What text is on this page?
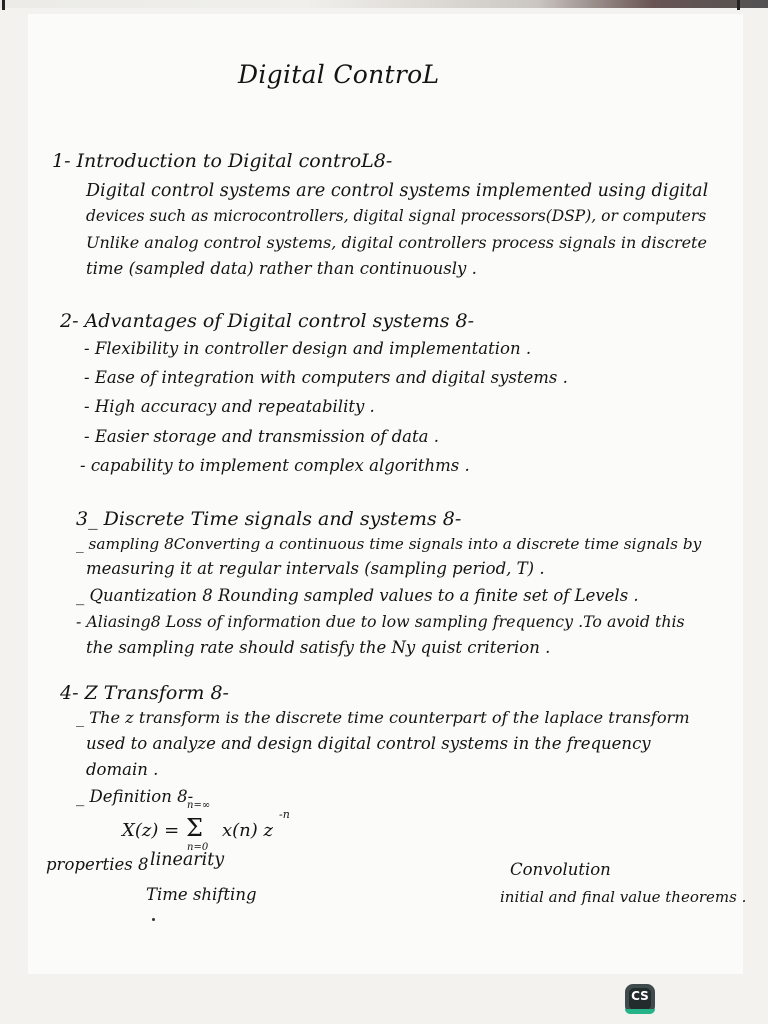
Digital ControL
1- Introduction to Digital controL8-
Digital control systems are control systems implemented using digital
devices such as microcontrollers, digital signal processors(DSP), or computers
Unlike analog control systems, digital controllers process signals in discrete
time (sampled data) rather than continuously .
2- Advantages of Digital control systems 8-
- Flexibility in controller design and implementation .
- Ease of integration with computers and digital systems .
- High accuracy and repeatability .
- Easier storage and transmission of data .
- capability to implement complex algorithms .
3_ Discrete Time signals and systems 8-
_ sampling 8Converting a continuous time signals into a discrete time signals by
measuring it at regular intervals (sampling period, T) .
_ Quantization 8 Rounding sampled values to a finite set of Levels .
- Aliasing8 Loss of information due to low sampling frequency .To avoid this
the sampling rate should satisfy the Ny quist criterion .
4- Z Transform 8-
_ The z transform is the discrete time counterpart of the laplace transform
used to analyze and design digital control systems in the frequency
domain .
_ Definition 8-
X(z) =
n=∞
Σ
n=0
x(n) z
-n
properties 8 linearity
Time shifting
Convolution
initial and final value theorems .
CS
